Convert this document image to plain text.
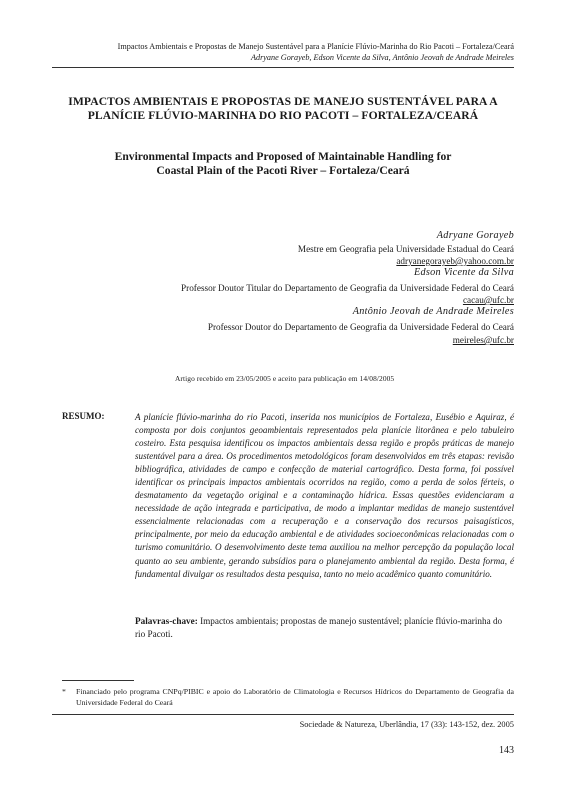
Impactos Ambientais e Propostas de Manejo Sustentável para a Planície Flúvio-Marinha do Rio Pacoti – Fortaleza/Ceará
Adryane Gorayeb, Edson Vicente da Silva, Antônio Jeovah de Andrade Meireles
IMPACTOS AMBIENTAIS E PROPOSTAS DE MANEJO SUSTENTÁVEL PARA A
PLANÍCIE FLÚVIO-MARINHA DO RIO PACOTI – FORTALEZA/CEARÁ
Environmental Impacts and Proposed of Maintainable Handling for
Coastal Plain of the Pacoti River – Fortaleza/Ceará
Adryane Gorayeb
Mestre em Geografia pela Universidade Estadual do Ceará
adryanegorayeb@yahoo.com.br
Edson Vicente da Silva
Professor Doutor Titular do Departamento de Geografia da Universidade Federal do Ceará
cacau@ufc.br
Antônio Jeovah de Andrade Meireles
Professor Doutor do Departamento de Geografia da Universidade Federal do Ceará
meireles@ufc.br
Artigo recebido em 23/05/2005 e aceito para publicação em 14/08/2005
RESUMO:	A planície flúvio-marinha do rio Pacoti, inserida nos municípios de Fortaleza, Eusébio e Aquiraz, é composta por dois conjuntos geoambientais representados pela planície litorânea e pelo tabuleiro costeiro. Esta pesquisa identificou os impactos ambientais dessa região e propôs práticas de manejo sustentável para a área. Os procedimentos metodológicos foram desenvolvidos em três etapas: revisão bibliográfica, atividades de campo e confecção de material cartográfico. Desta forma, foi possível identificar os principais impactos ambientais ocorridos na região, como a perda de solos férteis, o desmatamento da vegetação original e a contaminação hídrica. Essas questões evidenciaram a necessidade de ação integrada e participativa, de modo a implantar medidas de manejo sustentável essencialmente relacionadas com a recuperação e a conservação dos recursos paisagísticos, principalmente, por meio da educação ambiental e de atividades socioeconômicas relacionadas com o turismo comunitário. O desenvolvimento deste tema auxiliou na melhor percepção da população local quanto ao seu ambiente, gerando subsídios para o planejamento ambiental da região. Desta forma, é fundamental divulgar os resultados desta pesquisa, tanto no meio acadêmico quanto comunitário.
Palavras-chave: Impactos ambientais; propostas de manejo sustentável; planície flúvio-marinha do rio Pacoti.
*	Financiado pelo programa CNPq/PIBIC e apoio do Laboratório de Climatologia e Recursos Hídricos do Departamento de Geografia da Universidade Federal do Ceará
Sociedade & Natureza, Uberlândia, 17 (33): 143-152, dez. 2005
143
